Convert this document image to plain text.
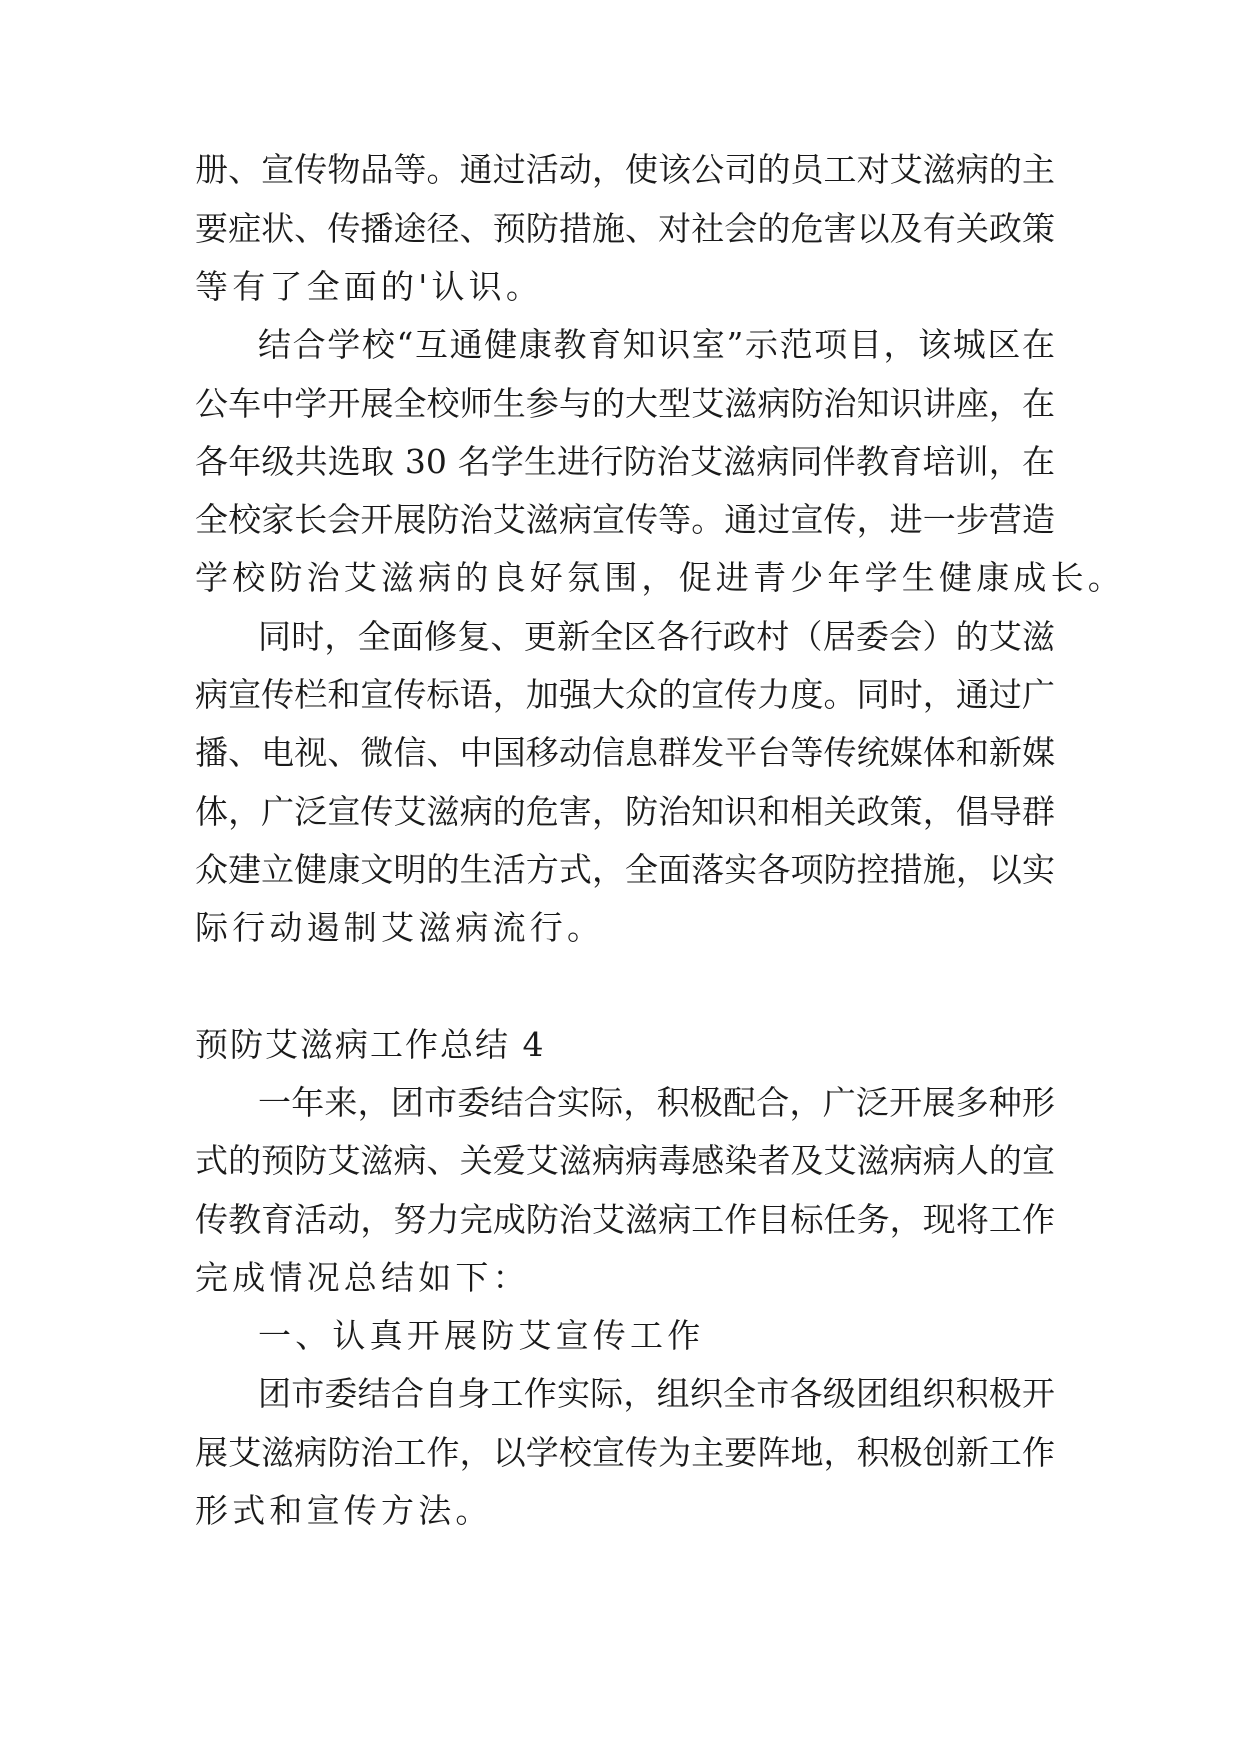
册、宣传物品等。通过活动，使该公司的员工对艾滋病的主
要症状、传播途径、预防措施、对社会的危害以及有关政策
等有了全面的'认识。
结合学校“互通健康教育知识室”示范项目，该城区在
公车中学开展全校师生参与的大型艾滋病防治知识讲座，在
各年级共选取 30 名学生进行防治艾滋病同伴教育培训，在
全校家长会开展防治艾滋病宣传等。通过宣传，进一步营造
学校防治艾滋病的良好氛围，促进青少年学生健康成长。
同时，全面修复、更新全区各行政村（居委会）的艾滋
病宣传栏和宣传标语，加强大众的宣传力度。同时，通过广
播、电视、微信、中国移动信息群发平台等传统媒体和新媒
体，广泛宣传艾滋病的危害，防治知识和相关政策，倡导群
众建立健康文明的生活方式，全面落实各项防控措施，以实
际行动遏制艾滋病流行。
预防艾滋病工作总结 4
一年来，团市委结合实际，积极配合，广泛开展多种形
式的预防艾滋病、关爱艾滋病病毒感染者及艾滋病病人的宣
传教育活动，努力完成防治艾滋病工作目标任务，现将工作
完成情况总结如下：
一、认真开展防艾宣传工作
团市委结合自身工作实际，组织全市各级团组织积极开
展艾滋病防治工作，以学校宣传为主要阵地，积极创新工作
形式和宣传方法。
